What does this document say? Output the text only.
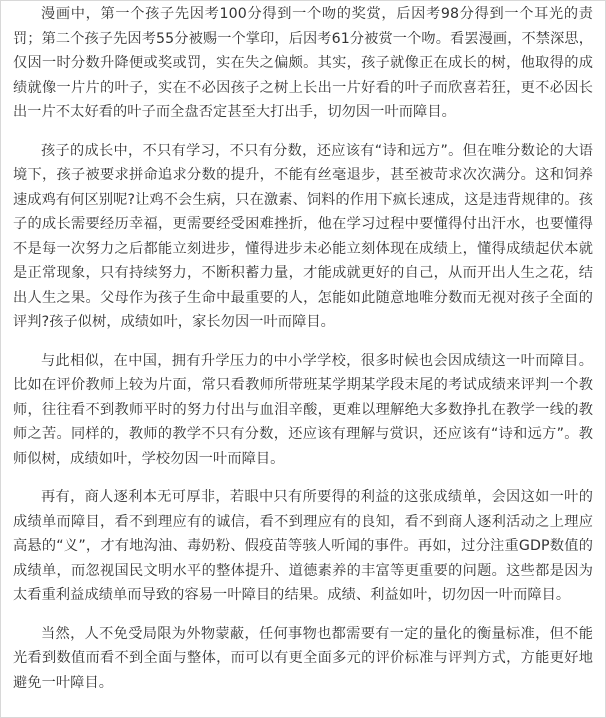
漫画中，第一个孩子先因考100分得到一个吻的奖赏，后因考98分得到一个耳光的责罚；第二个孩子先因考55分被赐一个掌印，后因考61分被赏一个吻。看罢漫画，不禁深思，仅因一时分数升降便或奖或罚，实在失之偏颇。其实，孩子就像正在成长的树，他取得的成绩就像一片片的叶子，实在不必因孩子之树上长出一片好看的叶子而欣喜若狂，更不必因长出一片不太好看的叶子而全盘否定甚至大打出手，切勿因一叶而障目。

孩子的成长中，不只有学习，不只有分数，还应该有“诗和远方”。但在唯分数论的大语境下，孩子被要求拼命追求分数的提升，不能有丝毫退步，甚至被苛求次次满分。这和饲养速成鸡有何区别呢?让鸡不会生病，只在激素、饲料的作用下疯长速成，这是违背规律的。孩子的成长需要经历幸福，更需要经受困难挫折，他在学习过程中要懂得付出汗水，也要懂得不是每一次努力之后都能立刻进步，懂得进步未必能立刻体现在成绩上，懂得成绩起伏本就是正常现象，只有持续努力，不断积蓄力量，才能成就更好的自己，从而开出人生之花，结出人生之果。父母作为孩子生命中最重要的人，怎能如此随意地唯分数而无视对孩子全面的评判?孩子似树，成绩如叶，家长勿因一叶而障目。

与此相似，在中国，拥有升学压力的中小学学校，很多时候也会因成绩这一叶而障目。比如在评价教师上较为片面，常只看教师所带班某学期某学段末尾的考试成绩来评判一个教师，往往看不到教师平时的努力付出与血泪辛酸，更难以理解绝大多数挣扎在教学一线的教师之苦。同样的，教师的教学不只有分数，还应该有理解与赏识，还应该有“诗和远方”。教师似树，成绩如叶，学校勿因一叶而障目。

再有，商人逐利本无可厚非，若眼中只有所要得的利益的这张成绩单，会因这如一叶的成绩单而障目，看不到理应有的诚信，看不到理应有的良知，看不到商人逐利活动之上理应高悬的“义”，才有地沟油、毒奶粉、假疫苗等骇人听闻的事件。再如，过分注重GDP数值的成绩单，而忽视国民文明水平的整体提升、道德素养的丰富等更重要的问题。这些都是因为太看重利益成绩单而导致的容易一叶障目的结果。成绩、利益如叶，切勿因一叶而障目。

当然，人不免受局限为外物蒙蔽，任何事物也都需要有一定的量化的衡量标准，但不能光看到数值而看不到全面与整体，而可以有更全面多元的评价标准与评判方式，方能更好地避免一叶障目。
